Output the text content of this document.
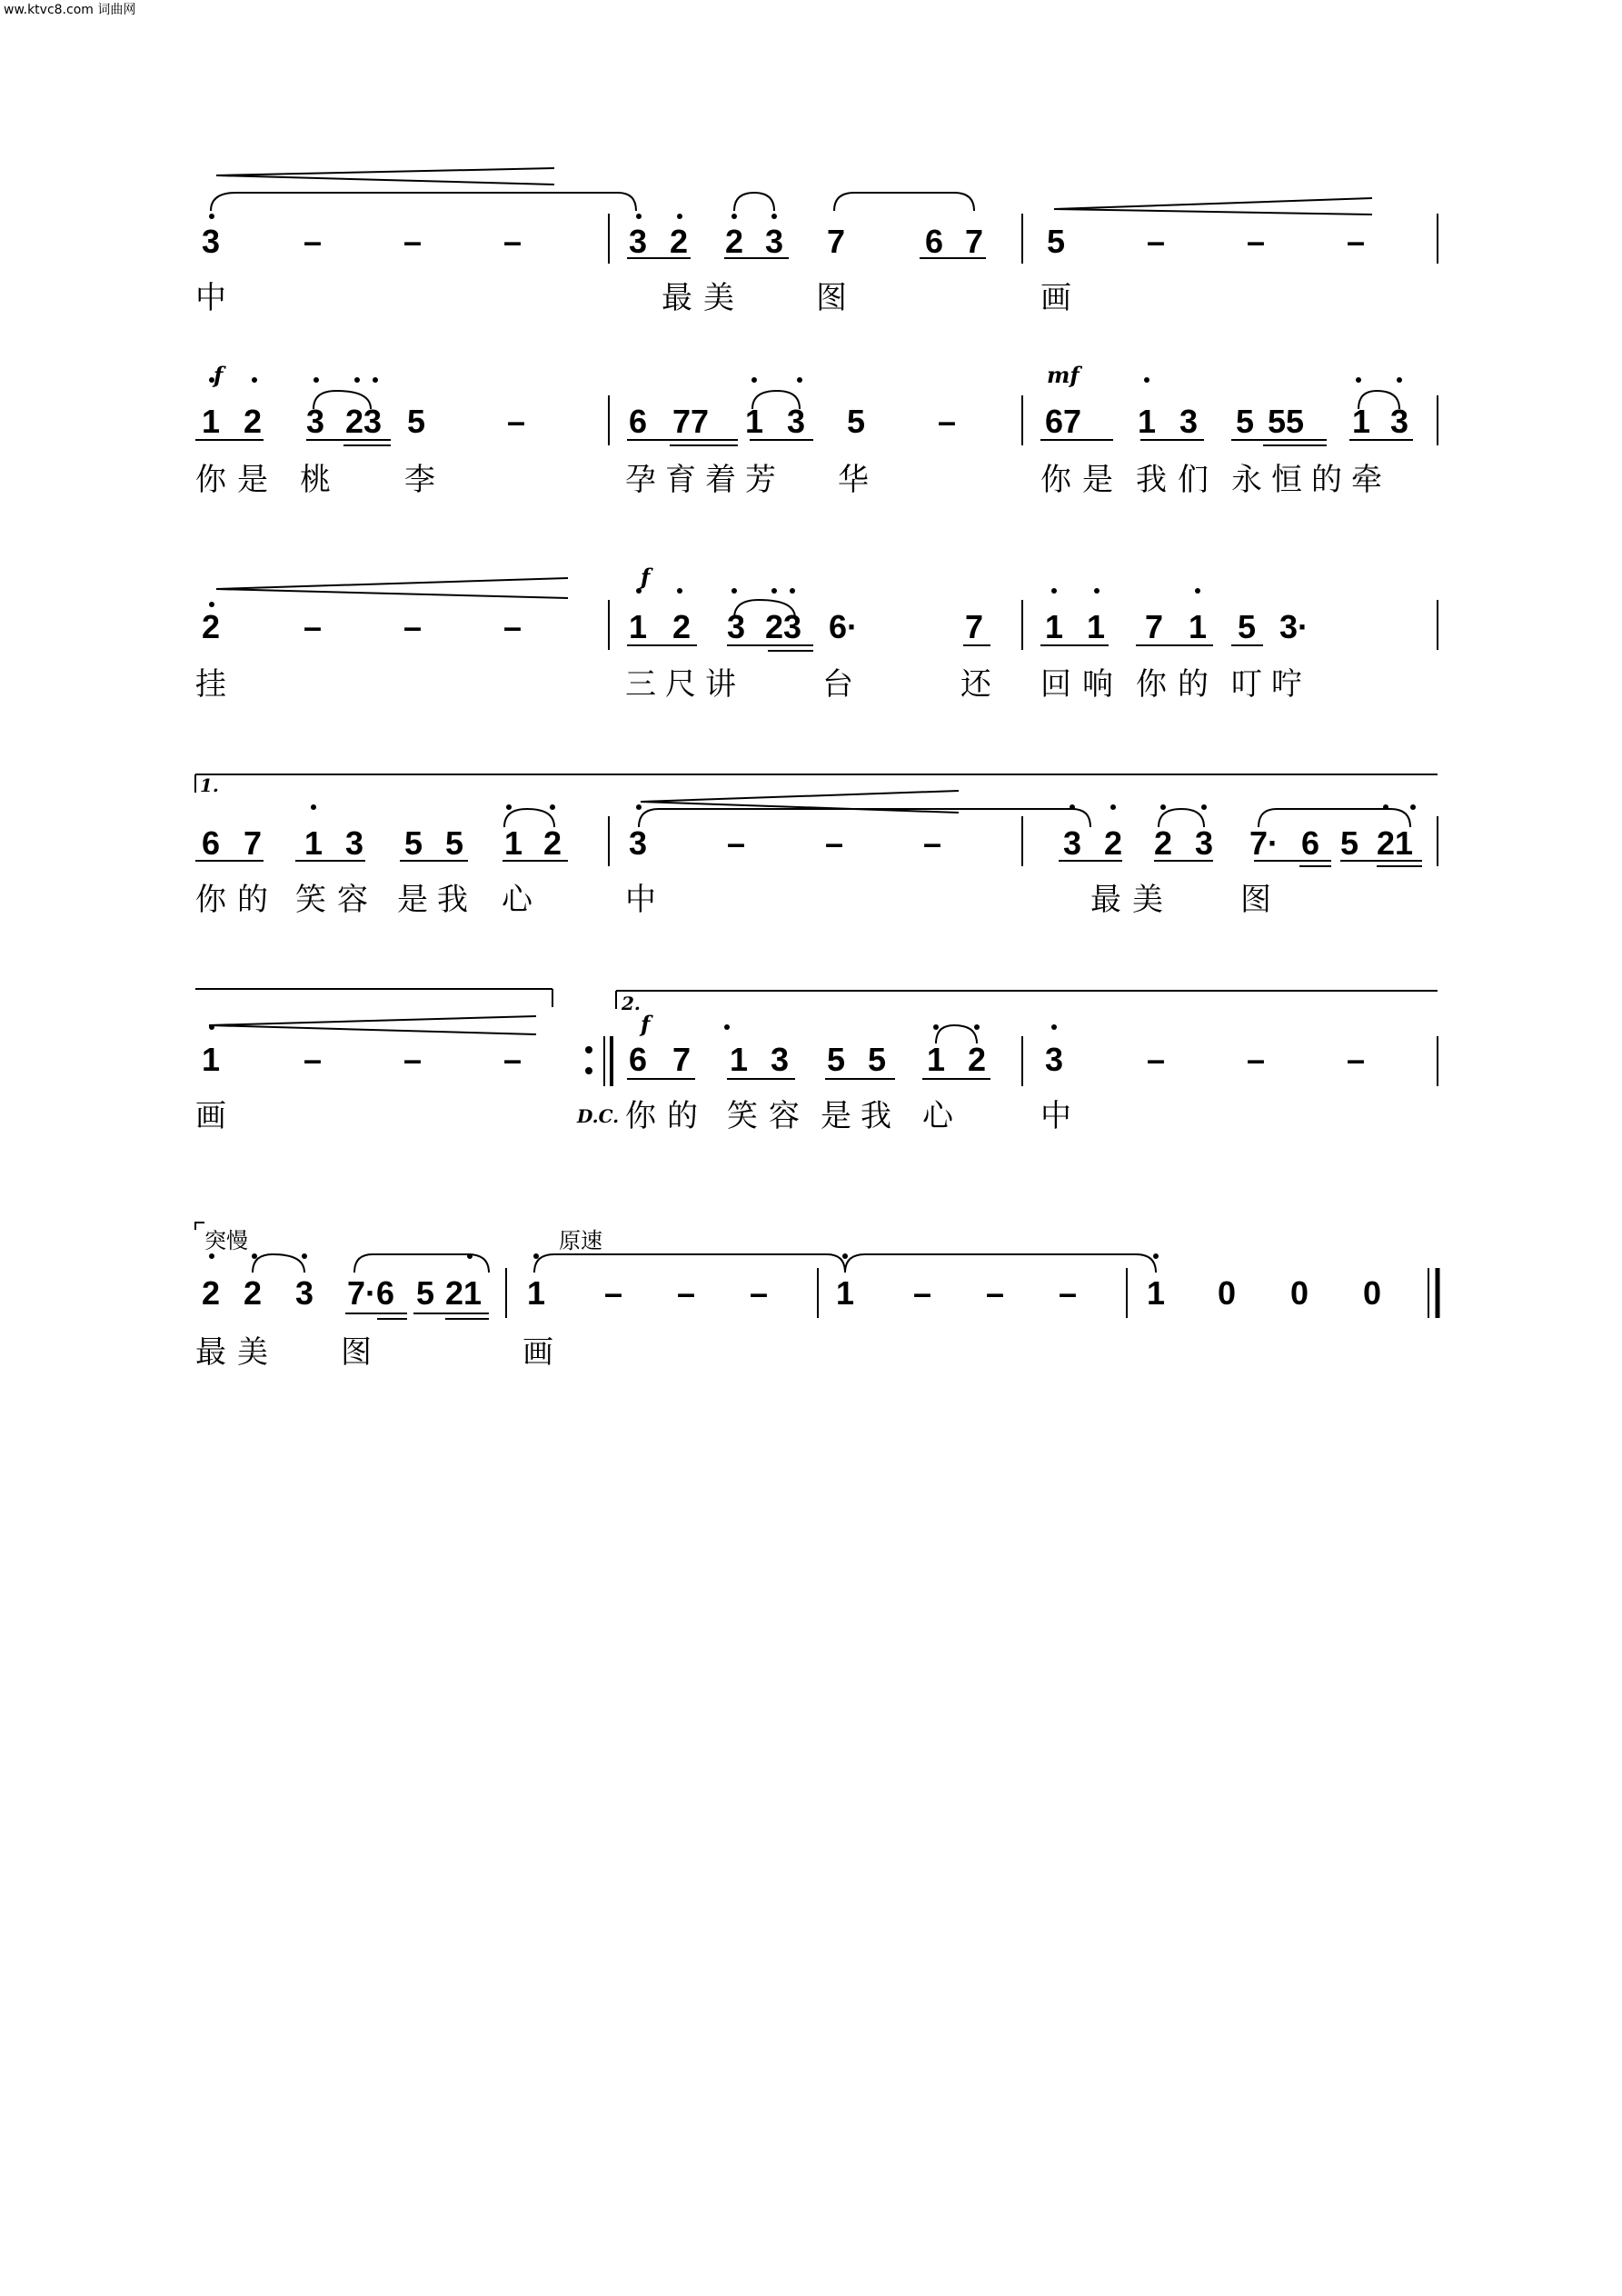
ww.ktvc8.com 词曲网
3	– – –	3 2 2 3 7 6 7 5 – – –
中	最美 图	画
f	mf
1 2 3 23 5 –	6 77 1 3 5 –	67 1 3 5 55 1 3
你是 桃 李	孕育着芳 华	你是 我们 永恒的牵
f
2	– – –	1 2 3 23 6·	7 1 1 7 1 5 3·
挂	三尺讲	台	还 回响 你的 叮咛
1.
6 7 1 3 5 5 1 2 3 – – –	3 2 2 3 7· 6 5 21
你的 笑容 是我 心	中	最美 图
2.
f
1	– – –	6 7 1 3 5 5 1 2 3	– – –
D.C.
画	你的 笑容 是我 心	中
突慢	原速
2 2 3 7·6 5 21 1 – – – 1 – – – 1 0 0 0
最美 图	画
